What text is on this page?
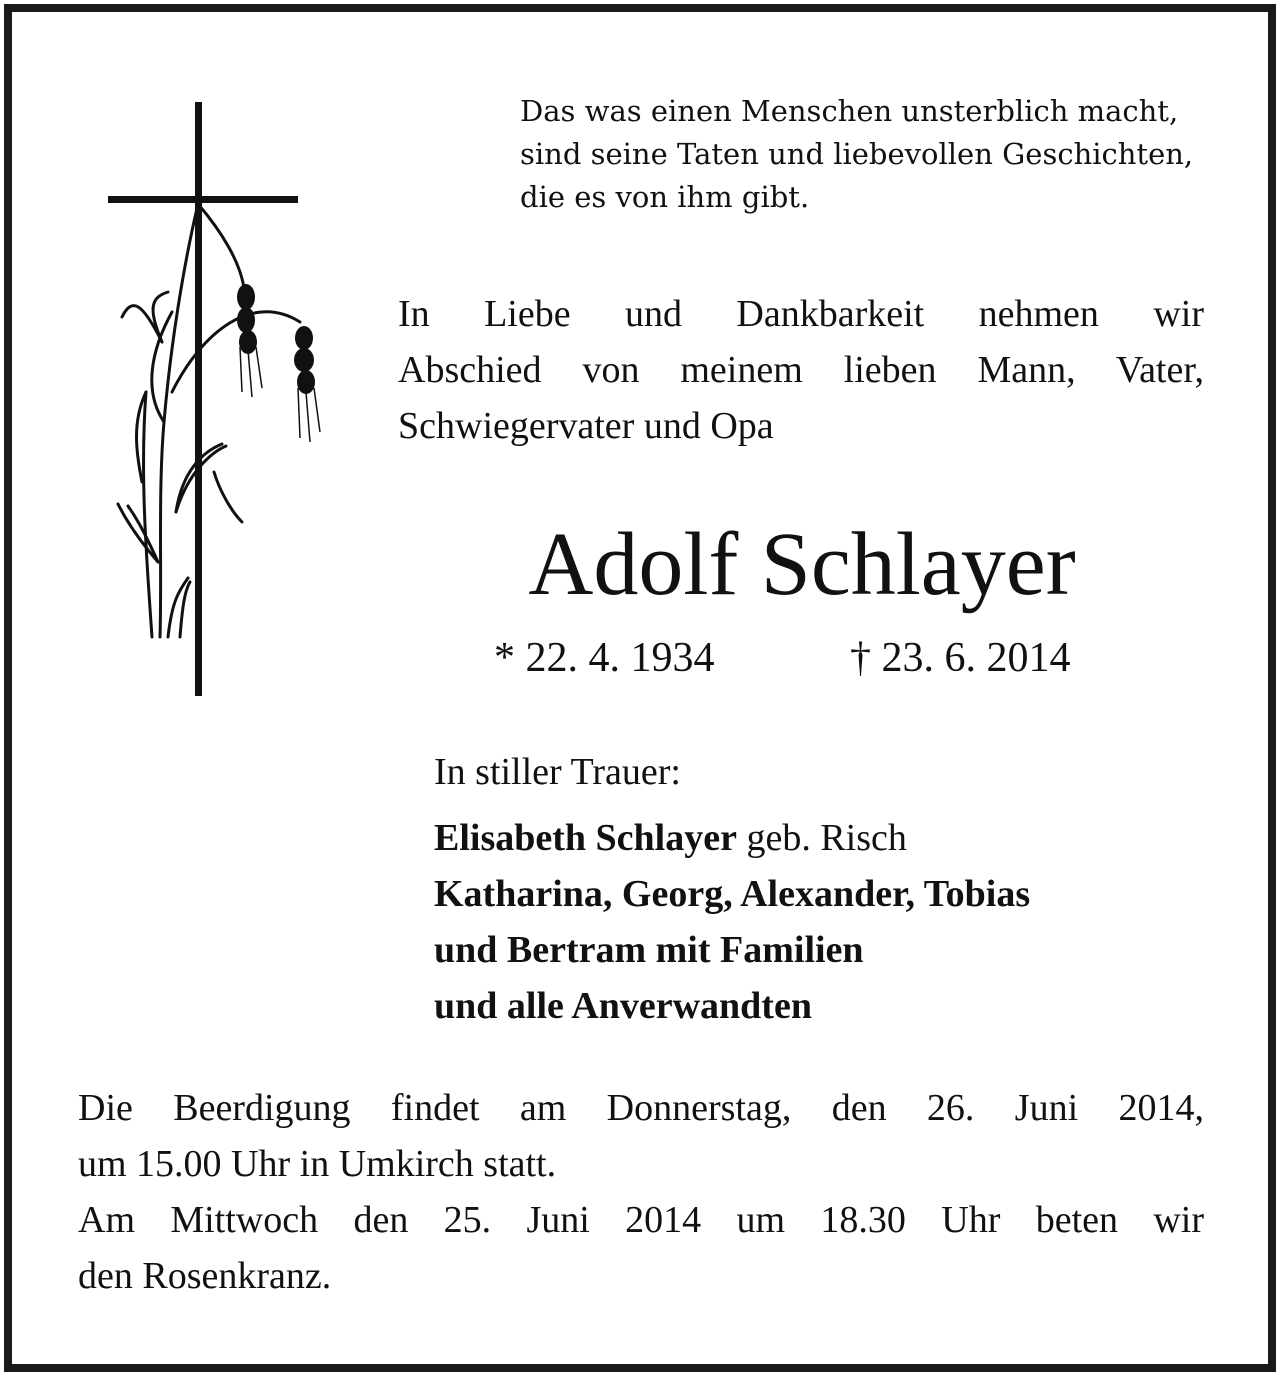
Das was einen Menschen unsterblich macht,
sind seine Taten und liebevollen Geschichten,
die es von ihm gibt.

In Liebe und Dankbarkeit nehmen wir
Abschied von meinem lieben Mann, Vater,
Schwiegervater und Opa

Adolf Schlayer

* 22. 4. 1934	† 23. 6. 2014

In stiller Trauer:

Elisabeth Schlayer geb. Risch
Katharina, Georg, Alexander, Tobias
und Bertram mit Familien
und alle Anverwandten

Die Beerdigung findet am Donnerstag, den 26. Juni 2014,
um 15.00 Uhr in Umkirch statt.
Am Mittwoch den 25. Juni 2014 um 18.30 Uhr beten wir
den Rosenkranz.
